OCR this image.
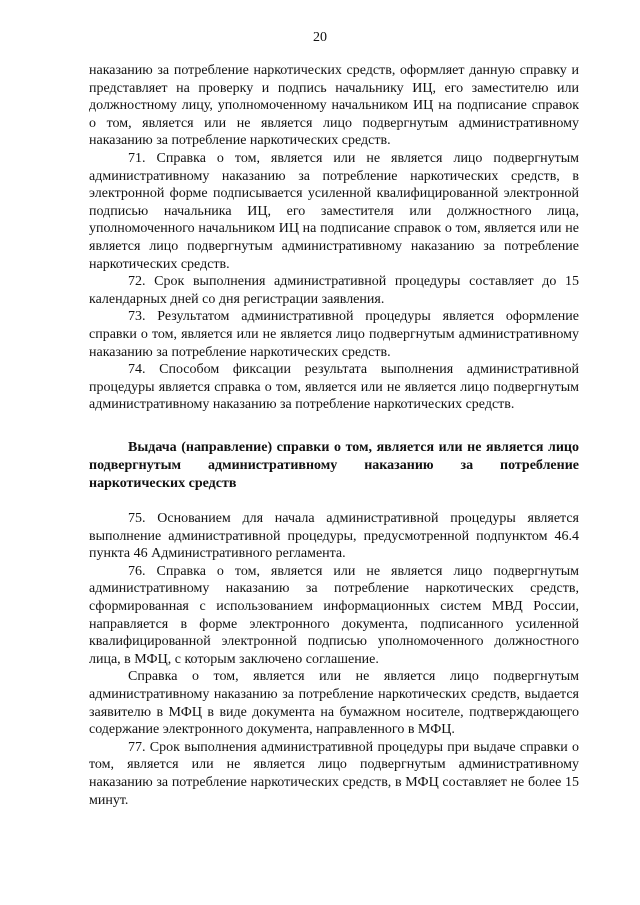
20

наказанию за потребление наркотических средств, оформляет данную справку и представляет на проверку и подпись начальнику ИЦ, его заместителю или должностному лицу, уполномоченному начальником ИЦ на подписание справок о том, является или не является лицо подвергнутым административному наказанию за потребление наркотических средств.

71. Справка о том, является или не является лицо подвергнутым административному наказанию за потребление наркотических средств, в электронной форме подписывается усиленной квалифицированной электронной подписью начальника ИЦ, его заместителя или должностного лица, уполномоченного начальником ИЦ на подписание справок о том, является или не является лицо подвергнутым административному наказанию за потребление наркотических средств.

72. Срок выполнения административной процедуры составляет до 15 календарных дней со дня регистрации заявления.

73. Результатом административной процедуры является оформление справки о том, является или не является лицо подвергнутым административному наказанию за потребление наркотических средств.

74. Способом фиксации результата выполнения административной процедуры является справка о том, является или не является лицо подвергнутым административному наказанию за потребление наркотических средств.

Выдача (направление) справки о том, является или не является лицо подвергнутым административному наказанию за потребление наркотических средств

75. Основанием для начала административной процедуры является выполнение административной процедуры, предусмотренной подпунктом 46.4 пункта 46 Административного регламента.

76. Справка о том, является или не является лицо подвергнутым административному наказанию за потребление наркотических средств, сформированная с использованием информационных систем МВД России, направляется в форме электронного документа, подписанного усиленной квалифицированной электронной подписью уполномоченного должностного лица, в МФЦ, с которым заключено соглашение.

Справка о том, является или не является лицо подвергнутым административному наказанию за потребление наркотических средств, выдается заявителю в МФЦ в виде документа на бумажном носителе, подтверждающего содержание электронного документа, направленного в МФЦ.

77. Срок выполнения административной процедуры при выдаче справки о том, является или не является лицо подвергнутым административному наказанию за потребление наркотических средств, в МФЦ составляет не более 15 минут.
